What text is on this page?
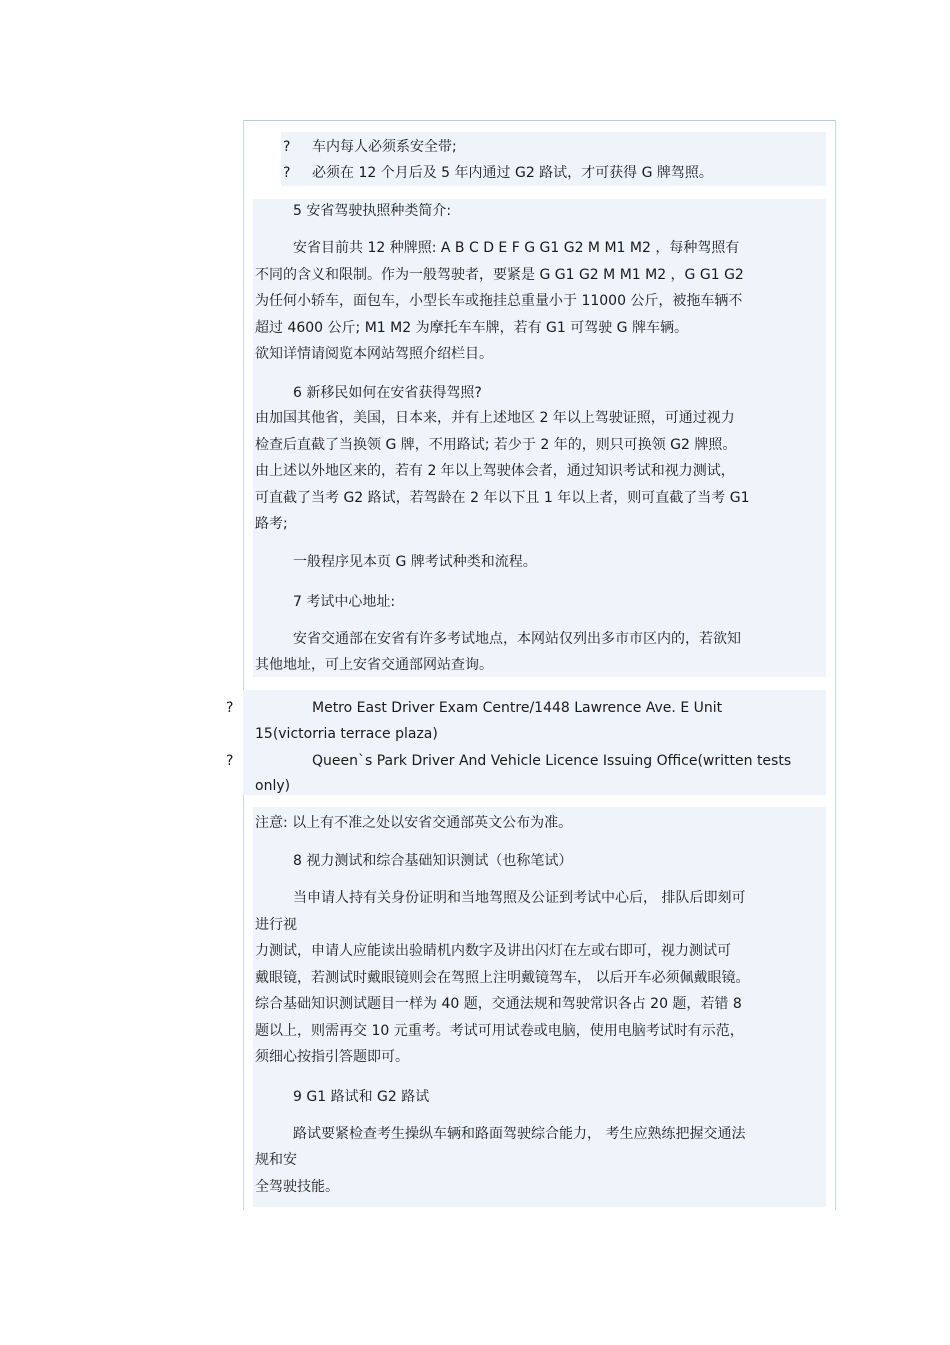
? 车内每人必须系安全带;
? 必须在 12 个月后及 5 年内通过 G2 路试，才可获得 G 牌驾照。
5 安省驾驶执照种类简介:
安省目前共 12 种牌照: A B C D E F G G1 G2 M M1 M2 ，每种驾照有
不同的含义和限制。作为一般驾驶者，要紧是 G G1 G2 M M1 M2 ，G G1 G2
为任何小轿车，面包车，小型长车或拖挂总重量小于 11000 公斤，被拖车辆不
超过 4600 公斤; M1 M2 为摩托车车牌，若有 G1 可驾驶 G 牌车辆。
欲知详情请阅览本网站驾照介绍栏目。
6 新移民如何在安省获得驾照?
由加国其他省，美国，日本来，并有上述地区 2 年以上驾驶证照，可通过视力
检查后直截了当换领 G 牌，不用路试; 若少于 2 年的，则只可换领 G2 牌照。
由上述以外地区来的，若有 2 年以上驾驶体会者，通过知识考试和视力测试，
可直截了当考 G2 路试，若驾龄在 2 年以下且 1 年以上者，则可直截了当考 G1
路考;
一般程序见本页 G 牌考试种类和流程。
7 考试中心地址:
安省交通部在安省有许多考试地点，本网站仅列出多市市区内的，若欲知
其他地址，可上安省交通部网站查询。
?	Metro East Driver Exam Centre/1448 Lawrence Ave. E Unit
15(victorria terrace plaza)
?	Queen`s Park Driver And Vehicle Licence Issuing Office(written tests
only)
注意: 以上有不准之处以安省交通部英文公布为准。
8 视力测试和综合基础知识测试（也称笔试）
当申请人持有关身份证明和当地驾照及公证到考试中心后， 排队后即刻可
进行视
力测试，申请人应能读出验睛机内数字及讲出闪灯在左或右即可，视力测试可
戴眼镜，若测试时戴眼镜则会在驾照上注明戴镜驾车， 以后开车必须佩戴眼镜。
综合基础知识测试题目一样为 40 题，交通法规和驾驶常识各占 20 题，若错 8
题以上，则需再交 10 元重考。考试可用试卷或电脑，使用电脑考试时有示范，
须细心按指引答题即可。
9 G1 路试和 G2 路试
路试要紧检查考生操纵车辆和路面驾驶综合能力， 考生应熟练把握交通法
规和安
全驾驶技能。
